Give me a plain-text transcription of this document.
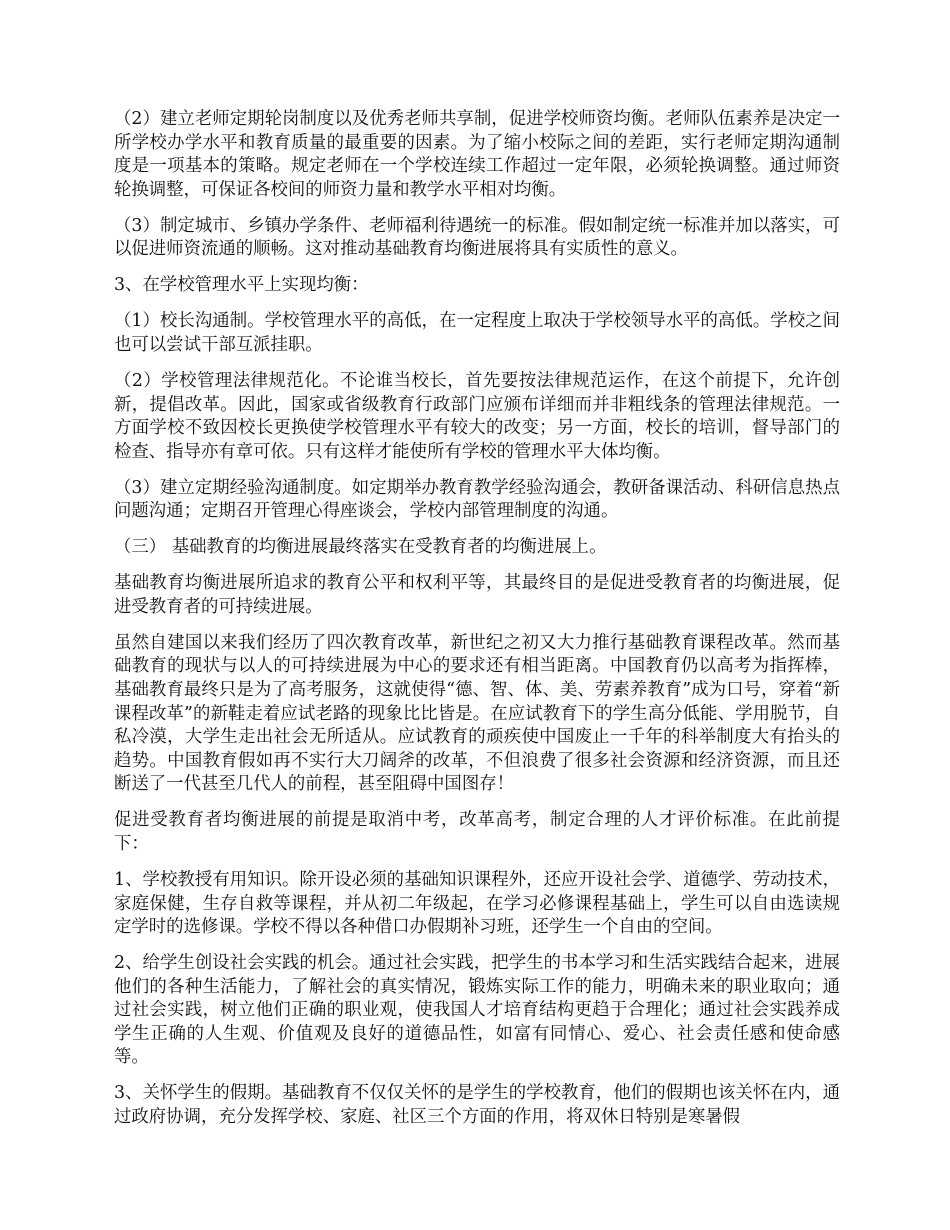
（2）建立老师定期轮岗制度以及优秀老师共享制，促进学校师资均衡。老师队伍素养是决定一所学校办学水平和教育质量的最重要的因素。为了缩小校际之间的差距，实行老师定期沟通制度是一项基本的策略。规定老师在一个学校连续工作超过一定年限，必须轮换调整。通过师资轮换调整，可保证各校间的师资力量和教学水平相对均衡。

（3）制定城市、乡镇办学条件、老师福利待遇统一的标准。假如制定统一标准并加以落实，可以促进师资流通的顺畅。这对推动基础教育均衡进展将具有实质性的意义。

3、在学校管理水平上实现均衡：

（1）校长沟通制。学校管理水平的高低，在一定程度上取决于学校领导水平的高低。学校之间也可以尝试干部互派挂职。

（2）学校管理法律规范化。不论谁当校长，首先要按法律规范运作，在这个前提下，允许创新，提倡改革。因此，国家或省级教育行政部门应颁布详细而并非粗线条的管理法律规范。一方面学校不致因校长更换使学校管理水平有较大的改变；另一方面，校长的培训，督导部门的检查、指导亦有章可依。只有这样才能使所有学校的管理水平大体均衡。

（3）建立定期经验沟通制度。如定期举办教育教学经验沟通会，教研备课活动、科研信息热点问题沟通；定期召开管理心得座谈会，学校内部管理制度的沟通。

（三） 基础教育的均衡进展最终落实在受教育者的均衡进展上。

基础教育均衡进展所追求的教育公平和权利平等，其最终目的是促进受教育者的均衡进展，促进受教育者的可持续进展。

虽然自建国以来我们经历了四次教育改革，新世纪之初又大力推行基础教育课程改革。然而基础教育的现状与以人的可持续进展为中心的要求还有相当距离。中国教育仍以高考为指挥棒，基础教育最终只是为了高考服务，这就使得“德、智、体、美、劳素养教育”成为口号，穿着“新课程改革”的新鞋走着应试老路的现象比比皆是。在应试教育下的学生高分低能、学用脱节，自私冷漠，大学生走出社会无所适从。应试教育的顽疾使中国废止一千年的科举制度大有抬头的趋势。中国教育假如再不实行大刀阔斧的改革，不但浪费了很多社会资源和经济资源，而且还断送了一代甚至几代人的前程，甚至阻碍中国图存！

促进受教育者均衡进展的前提是取消中考，改革高考，制定合理的人才评价标准。在此前提下：

1、学校教授有用知识。除开设必须的基础知识课程外，还应开设社会学、道德学、劳动技术，家庭保健，生存自救等课程，并从初二年级起，在学习必修课程基础上，学生可以自由选读规定学时的选修课。学校不得以各种借口办假期补习班，还学生一个自由的空间。

2、给学生创设社会实践的机会。通过社会实践，把学生的书本学习和生活实践结合起来，进展他们的各种生活能力，了解社会的真实情况，锻炼实际工作的能力，明确未来的职业取向；通过社会实践，树立他们正确的职业观，使我国人才培育结构更趋于合理化；通过社会实践养成学生正确的人生观、价值观及良好的道德品性，如富有同情心、爱心、社会责任感和使命感等。

3、关怀学生的假期。基础教育不仅仅关怀的是学生的学校教育，他们的假期也该关怀在内，通过政府协调，充分发挥学校、家庭、社区三个方面的作用，将双休日特别是寒暑假
